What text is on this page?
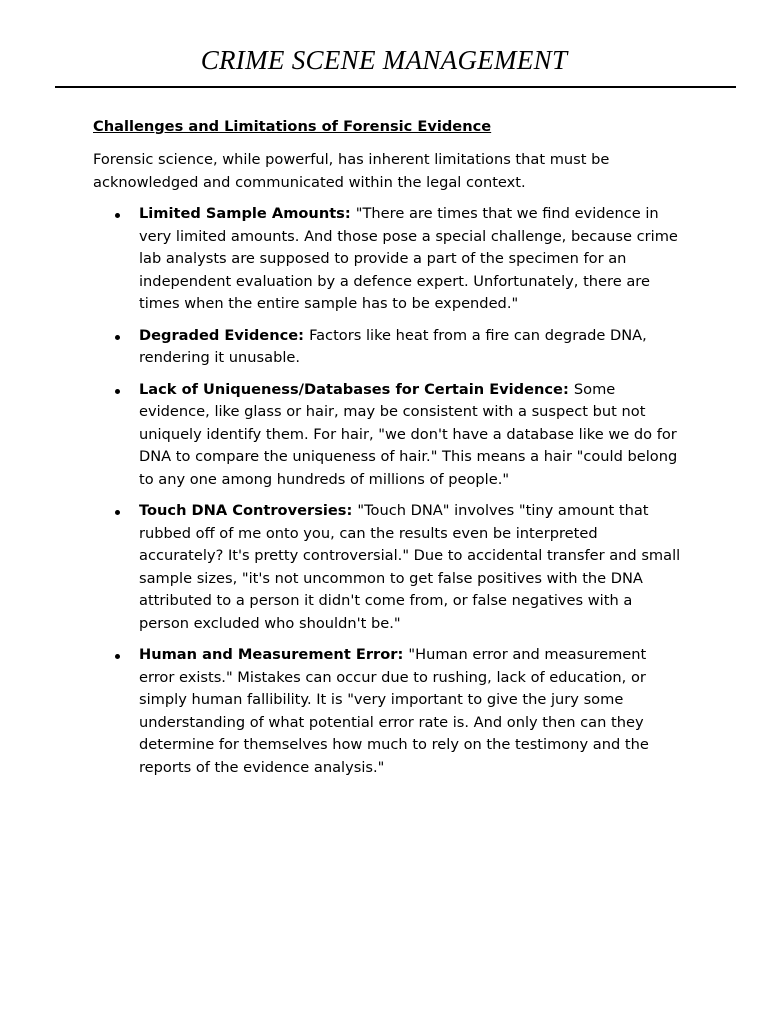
CRIME SCENE MANAGEMENT

Challenges and Limitations of Forensic Evidence

Forensic science, while powerful, has inherent limitations that must be acknowledged and communicated within the legal context.

Limited Sample Amounts: "There are times that we find evidence in very limited amounts. And those pose a special challenge, because crime lab analysts are supposed to provide a part of the specimen for an independent evaluation by a defence expert. Unfortunately, there are times when the entire sample has to be expended."
Degraded Evidence: Factors like heat from a fire can degrade DNA, rendering it unusable.
Lack of Uniqueness/Databases for Certain Evidence: Some evidence, like glass or hair, may be consistent with a suspect but not uniquely identify them. For hair, "we don't have a database like we do for DNA to compare the uniqueness of hair." This means a hair "could belong to any one among hundreds of millions of people."
Touch DNA Controversies: "Touch DNA" involves "tiny amount that rubbed off of me onto you, can the results even be interpreted accurately? It's pretty controversial." Due to accidental transfer and small sample sizes, "it's not uncommon to get false positives with the DNA attributed to a person it didn't come from, or false negatives with a person excluded who shouldn't be."
Human and Measurement Error: "Human error and measurement error exists." Mistakes can occur due to rushing, lack of education, or simply human fallibility. It is "very important to give the jury some understanding of what potential error rate is. And only then can they determine for themselves how much to rely on the testimony and the reports of the evidence analysis."
